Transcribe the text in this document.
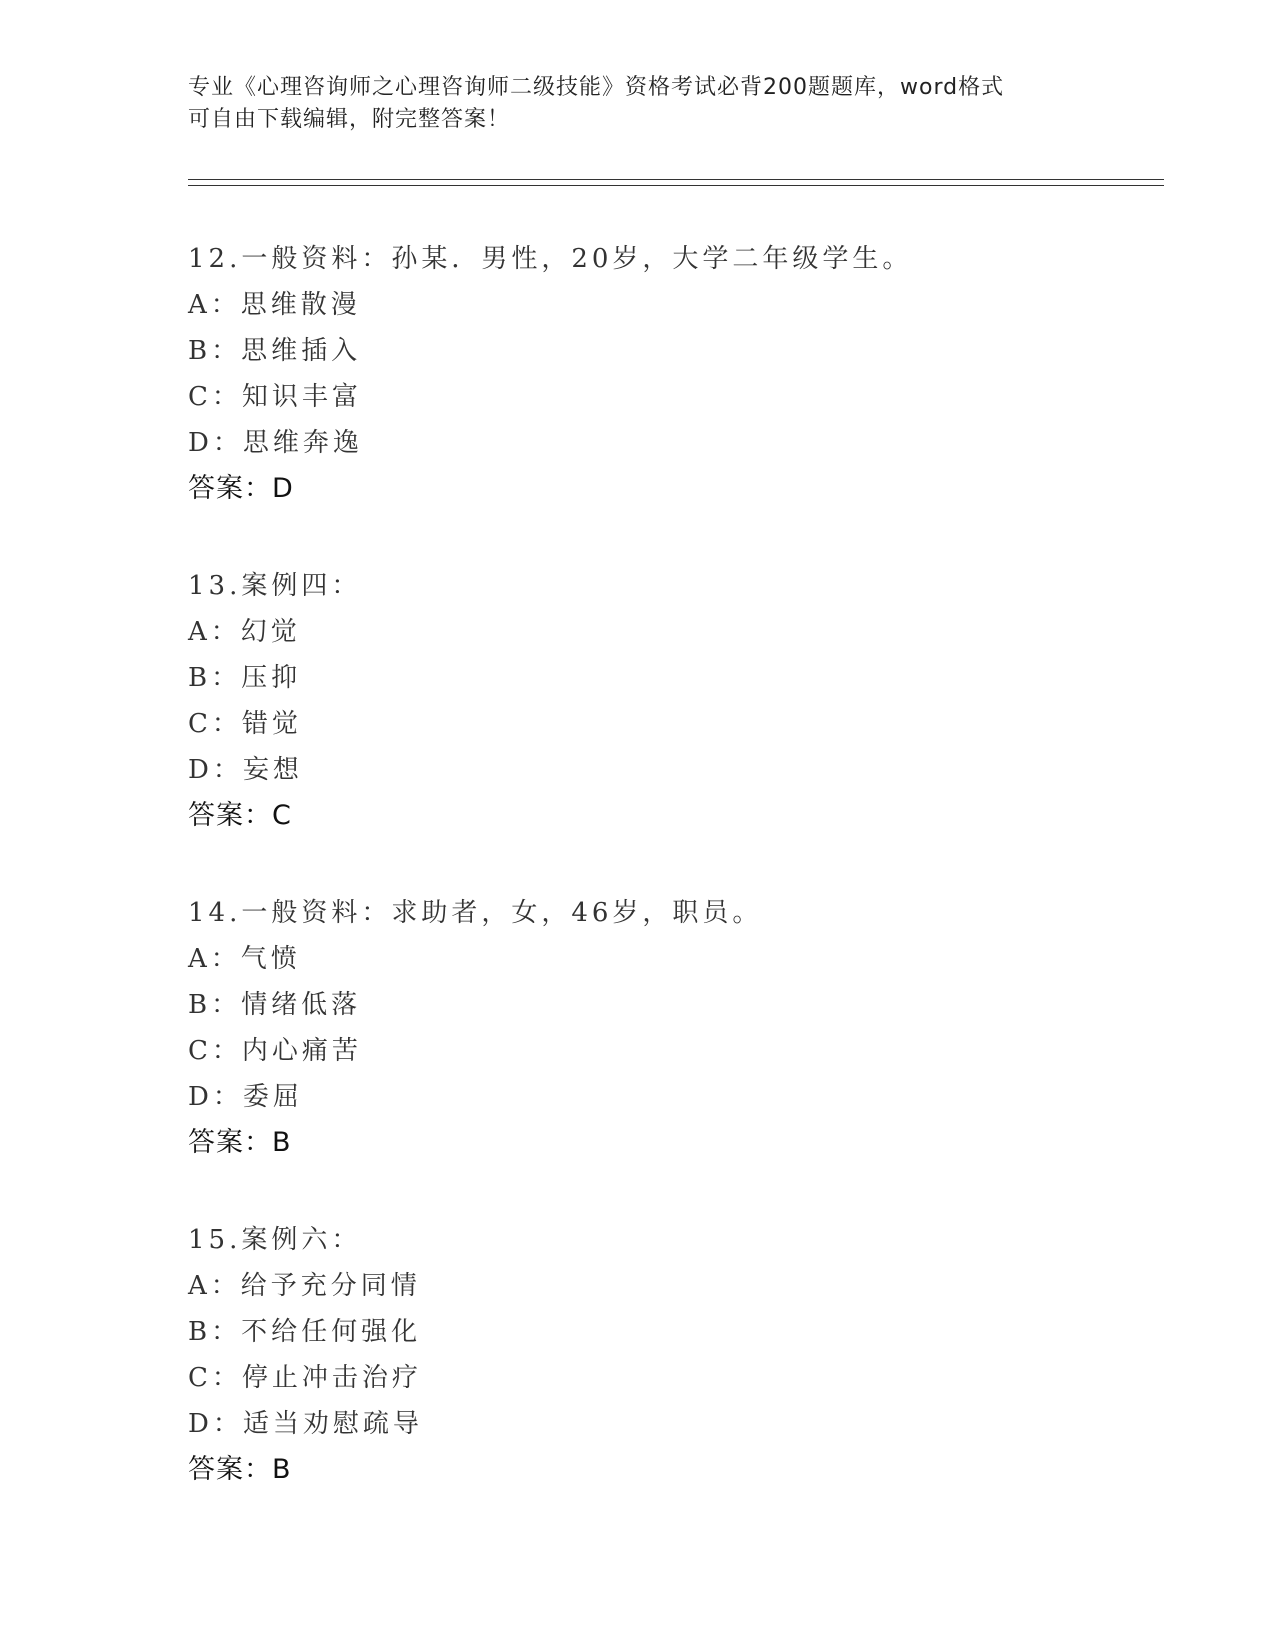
专业《心理咨询师之心理咨询师二级技能》资格考试必背200题题库，word格式
可自由下载编辑，附完整答案！
12.一般资料：孙某．男性，20岁，大学二年级学生。
A：思维散漫
B：思维插入
C：知识丰富
D：思维奔逸
答案：D
13.案例四：
A：幻觉
B：压抑
C：错觉
D：妄想
答案：C
14.一般资料：求助者，女，46岁，职员。
A：气愤
B：情绪低落
C：内心痛苦
D：委屈
答案：B
15.案例六：
A：给予充分同情
B：不给任何强化
C：停止冲击治疗
D：适当劝慰疏导
答案：B
